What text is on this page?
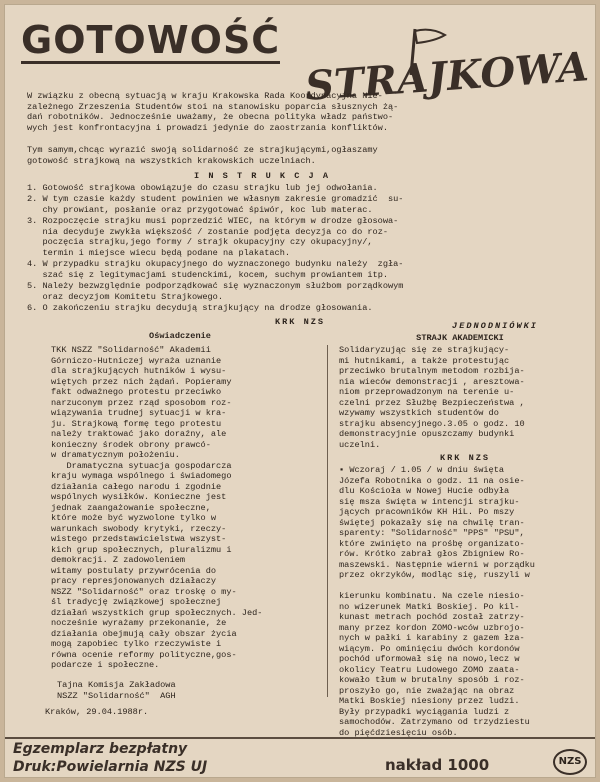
GOTOWOŚĆ
STRAJKOWA
W związku z obecną sytuacją w kraju Krakowska Rada Koordynacyjna Nie-
zależnego Zrzeszenia Studentów stoi na stanowisku poparcia słusznych żą-
dań robotników. Jednocześnie uważamy, że obecna polityka władz państwo-
wych jest konfrontacyjna i prowadzi jedynie do zaostrzania konfliktów.
Tym samym,chcąc wyrazić swoją solidarność ze strajkującymi,ogłaszamy
gotowość strajkową na wszystkich krakowskich uczelniach.
I N S T R U K C J A
1. Gotowość strajkowa obowiązuje do czasu strajku lub jej odwołania.
2. W tym czasie każdy student powinien we własnym zakresie gromadzić  su-
chy prowiant, posłanie oraz przygotować śpiwór, koc lub materac.
3. Rozpoczęcie strajku musi poprzedzić WIEC, na którym w drodze głosowa-
nia decyduje zwykła większość / zostanie podjęta decyzja co do roz-
poczęcia strajku,jego formy / strajk okupacyjny czy okupacyjny/,
termin i miejsce wiecu będą podane na plakatach.
4. W przypadku strajku okupacyjnego do wyznaczonego budynku należy  zgła-
szać się z legitymacjami studenckimi, kocem, suchym prowiantem itp.
5. Należy bezwzględnie podporządkować się wyznaczonym służbom porządkowym
oraz decyzjom Komitetu Strajkowego.
6. O zakończeniu strajku decydują strajkujący na drodze głosowania.
KRK NZS
Oświadczenie
TKK NSZZ "Solidarność" Akademii
Górniczo-Hutniczej wyraża uznanie
dla strajkujących hutników i wysu-
więtych przez nich żądań. Popieramy
fakt odważnego protestu przeciwko
narzuconym przez rząd sposobom roz-
wiązywania trudnej sytuacji w kra-
ju. Strajkową formę tego protestu
należy traktować jako doraźny, ale
konieczny środek obrony prawcó-
w dramatycznym położeniu.
Dramatyczna sytuacja gospodarcza
kraju wymaga wspólnego i świadomego
działania całego narodu i zgodnie
wspólnych wysiłków. Konieczne jest
jednak zaangażowanie społeczne,
które może być wyzwolone tylko w
warunkach swobody krytyki, rzeczy-
wistego przedstawicielstwa wszyst-
kich grup społecznych, pluralizmu i
demokracji. Z zadowoleniem
witamy postulaty przywrócenia do
pracy represjonowanych działaczy
NSZZ "Solidarność" oraz troskę o my-
śl tradycję związkowej społecznej
działań wszystkich grup społecznych. Jed-
nocześnie wyrażamy przekonanie, że
działania obejmują cały obszar życia
mogą zapobiec tylko rzeczywiste i
równa ocenie reformy polityczne,gos-
podarcze i społeczne.
Tajna Komisja Zakładowa
NSZZ "Solidarność"  AGH
Kraków, 29.04.1988r.
JEDNODNIÓWKI
STRAJK AKADEMICKI
Solidaryzując się ze strajkujący-
mi hutnikami, a także protestując
przeciwko brutalnym metodom rozbija-
nia wieców demonstracji , aresztowa-
niom przeprowadzonym na terenie u-
czelni przez Służbę Bezpieczeństwa ,
wzywamy wszystkich studentów do
strajku absencyjnego.3.05 o godz. 10
demonstracyjnie opuszczamy budynki
uczelni.
KRK NZS
▪ Wczoraj / 1.05 / w dniu święta
Józefa Robotnika o godz. 11 na osie-
dlu Kościoła w Nowej Hucie odbyła
się msza święta w intencji strajku-
jących pracowników KH HiL. Po mszy
świętej pokazały się na chwilę tran-
sparenty: "Solidarność" "PPS" "PSU",
które zwinięto na prośbę organizato-
rów. Krótko zabrał głos Zbigniew Ro-
maszewski. Następnie wierni w porządku
przez okrzyków, modląc się, ruszyli w

kierunku kombinatu. Na czele niesio-
no wizerunek Matki Boskiej. Po kil-
kunast metrach pochód został zatrzy-
many przez kordon ZOMO-wców uzbrojo-
nych w pałki i karabiny z gazem łza-
wiącym. Po ominięciu dwóch kordonów
pochód uformował się na nowo,lecz w
okolicy Teatru Ludowego ZOMO zaata-
kowało tłum w brutalny sposób i roz-
proszyło go, nie zważając na obraz
Matki Boskiej niesiony przez ludzi.
Były przypadki wyciągania ludzi z
samochodów. Zatrzymano od trzydziestu
do pięćdziesięciu osób.
Egzemplarz bezpłatny
Druk:Powielarnia NZS UJ	nakład 1000	NZS
